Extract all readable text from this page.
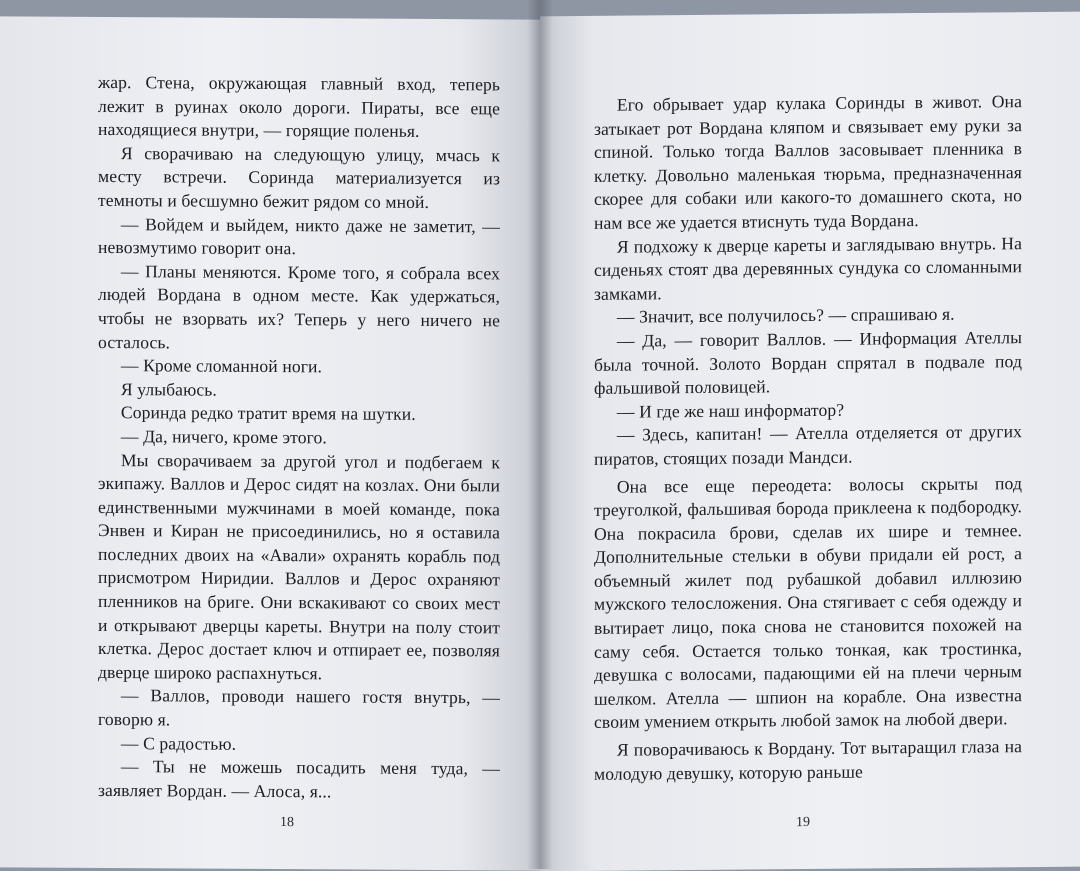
жар. Стена, окружающая главный вход, теперь лежит в руинах около дороги. Пираты, все еще находящиеся внутри, — горящие поленья.

Я сворачиваю на следующую улицу, мчась к месту встречи. Соринда материализуется из темноты и бесшумно бежит рядом со мной.

— Войдем и выйдем, никто даже не заметит, — невозмутимо говорит она.

— Планы меняются. Кроме того, я собрала всех людей Вордана в одном месте. Как удержаться, чтобы не взорвать их? Теперь у него ничего не осталось.

— Кроме сломанной ноги.

Я улыбаюсь.

Соринда редко тратит время на шутки.

— Да, ничего, кроме этого.

Мы сворачиваем за другой угол и подбегаем к экипажу. Валлов и Дерос сидят на козлах. Они были единственными мужчинами в моей команде, пока Энвен и Киран не присоединились, но я оставила последних двоих на «Авали» охранять корабль под присмотром Ниридии. Валлов и Дерос охраняют пленников на бриге. Они вскакивают со своих мест и открывают дверцы кареты. Внутри на полу стоит клетка. Дерос достает ключ и отпирает ее, позволяя дверце широко распахнуться.

— Валлов, проводи нашего гостя внутрь, — говорю я.

— С радостью.

— Ты не можешь посадить меня туда, — заявляет Вордан. — Алоса, я...

18

Его обрывает удар кулака Соринды в живот. Она затыкает рот Вордана кляпом и связывает ему руки за спиной. Только тогда Валлов засовывает пленника в клетку. Довольно маленькая тюрьма, предназначенная скорее для собаки или какого-то домашнего скота, но нам все же удается втиснуть туда Вордана.

Я подхожу к дверце кареты и заглядываю внутрь. На сиденьях стоят два деревянных сундука со сломанными замками.

— Значит, все получилось? — спрашиваю я.

— Да, — говорит Валлов. — Информация Ателлы была точной. Золото Вордан спрятал в подвале под фальшивой половицей.

— И где же наш информатор?

— Здесь, капитан! — Ателла отделяется от других пиратов, стоящих позади Мандси.

Она все еще переодета: волосы скрыты под треуголкой, фальшивая борода приклеена к подбородку. Она покрасила брови, сделав их шире и темнее. Дополнительные стельки в обуви придали ей рост, а объемный жилет под рубашкой добавил иллюзию мужского телосложения. Она стягивает с себя одежду и вытирает лицо, пока снова не становится похожей на саму себя. Остается только тонкая, как тростинка, девушка с волосами, падающими ей на плечи черным шелком. Ателла — шпион на корабле. Она известна своим умением открыть любой замок на любой двери.

Я поворачиваюсь к Вордану. Тот вытаращил глаза на молодую девушку, которую раньше

19
